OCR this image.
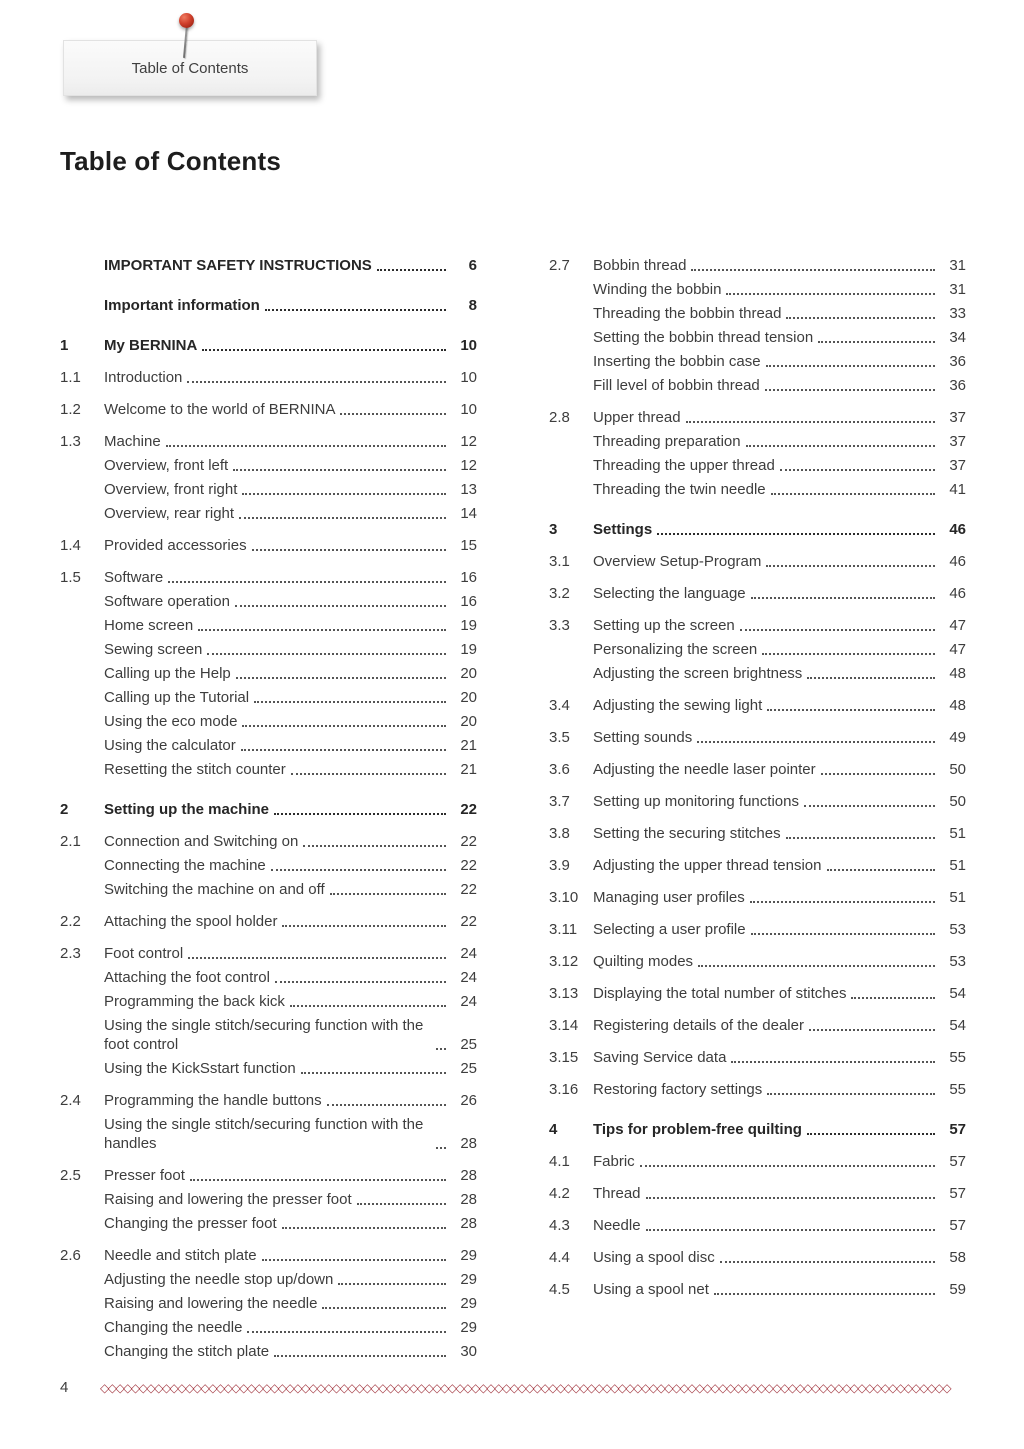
Table of Contents
Table of Contents
IMPORTANT SAFETY INSTRUCTIONS	6
Important information	8
1	My BERNINA	10
1.1	Introduction	10
1.2	Welcome to the world of BERNINA	10
1.3	Machine	12
Overview, front left	12
Overview, front right	13
Overview, rear right	14
1.4	Provided accessories	15
1.5	Software	16
Software operation	16
Home screen	19
Sewing screen	19
Calling up the Help	20
Calling up the Tutorial	20
Using the eco mode	20
Using the calculator	21
Resetting the stitch counter	21
2	Setting up the machine	22
2.1	Connection and Switching on	22
Connecting the machine	22
Switching the machine on and off	22
2.2	Attaching the spool holder	22
2.3	Foot control	24
Attaching the foot control	24
Programming the back kick	24
Using the single stitch/securing function with the foot control	25
Using the KickSstart function	25
2.4	Programming the handle buttons	26
Using the single stitch/securing function with the handles	28
2.5	Presser foot	28
Raising and lowering the presser foot	28
Changing the presser foot	28
2.6	Needle and stitch plate	29
Adjusting the needle stop up/down	29
Raising and lowering the needle	29
Changing the needle	29
Changing the stitch plate	30
2.7	Bobbin thread	31
Winding the bobbin	31
Threading the bobbin thread	33
Setting the bobbin thread tension	34
Inserting the bobbin case	36
Fill level of bobbin thread	36
2.8	Upper thread	37
Threading preparation	37
Threading the upper thread	37
Threading the twin needle	41
3	Settings	46
3.1	Overview Setup-Program	46
3.2	Selecting the language	46
3.3	Setting up the screen	47
Personalizing the screen	47
Adjusting the screen brightness	48
3.4	Adjusting the sewing light	48
3.5	Setting sounds	49
3.6	Adjusting the needle laser pointer	50
3.7	Setting up monitoring functions	50
3.8	Setting the securing stitches	51
3.9	Adjusting the upper thread tension	51
3.10 Managing user profiles	51
3.11	Selecting a user profile	53
3.12 Quilting modes	53
3.13 Displaying the total number of stitches	54
3.14 Registering details of the dealer	54
3.15 Saving Service data	55
3.16 Restoring factory settings	55
4	Tips for problem-free quilting	57
4.1	Fabric	57
4.2	Thread	57
4.3	Needle	57
4.4	Using a spool disc	58
4.5	Using a spool net	59
4	◇◇◇◇◇◇◇◇◇◇◇◇◇◇◇◇◇◇◇◇◇◇◇◇◇◇◇◇◇◇◇◇◇◇◇◇◇◇◇◇◇◇◇◇◇◇◇◇◇◇◇◇◇◇◇◇◇◇◇◇◇◇◇◇◇◇◇◇◇◇◇◇◇◇◇◇◇◇◇◇◇◇◇◇◇◇◇◇◇◇◇◇◇◇◇◇◇◇◇◇◇◇◇◇◇◇◇◇◇◇
